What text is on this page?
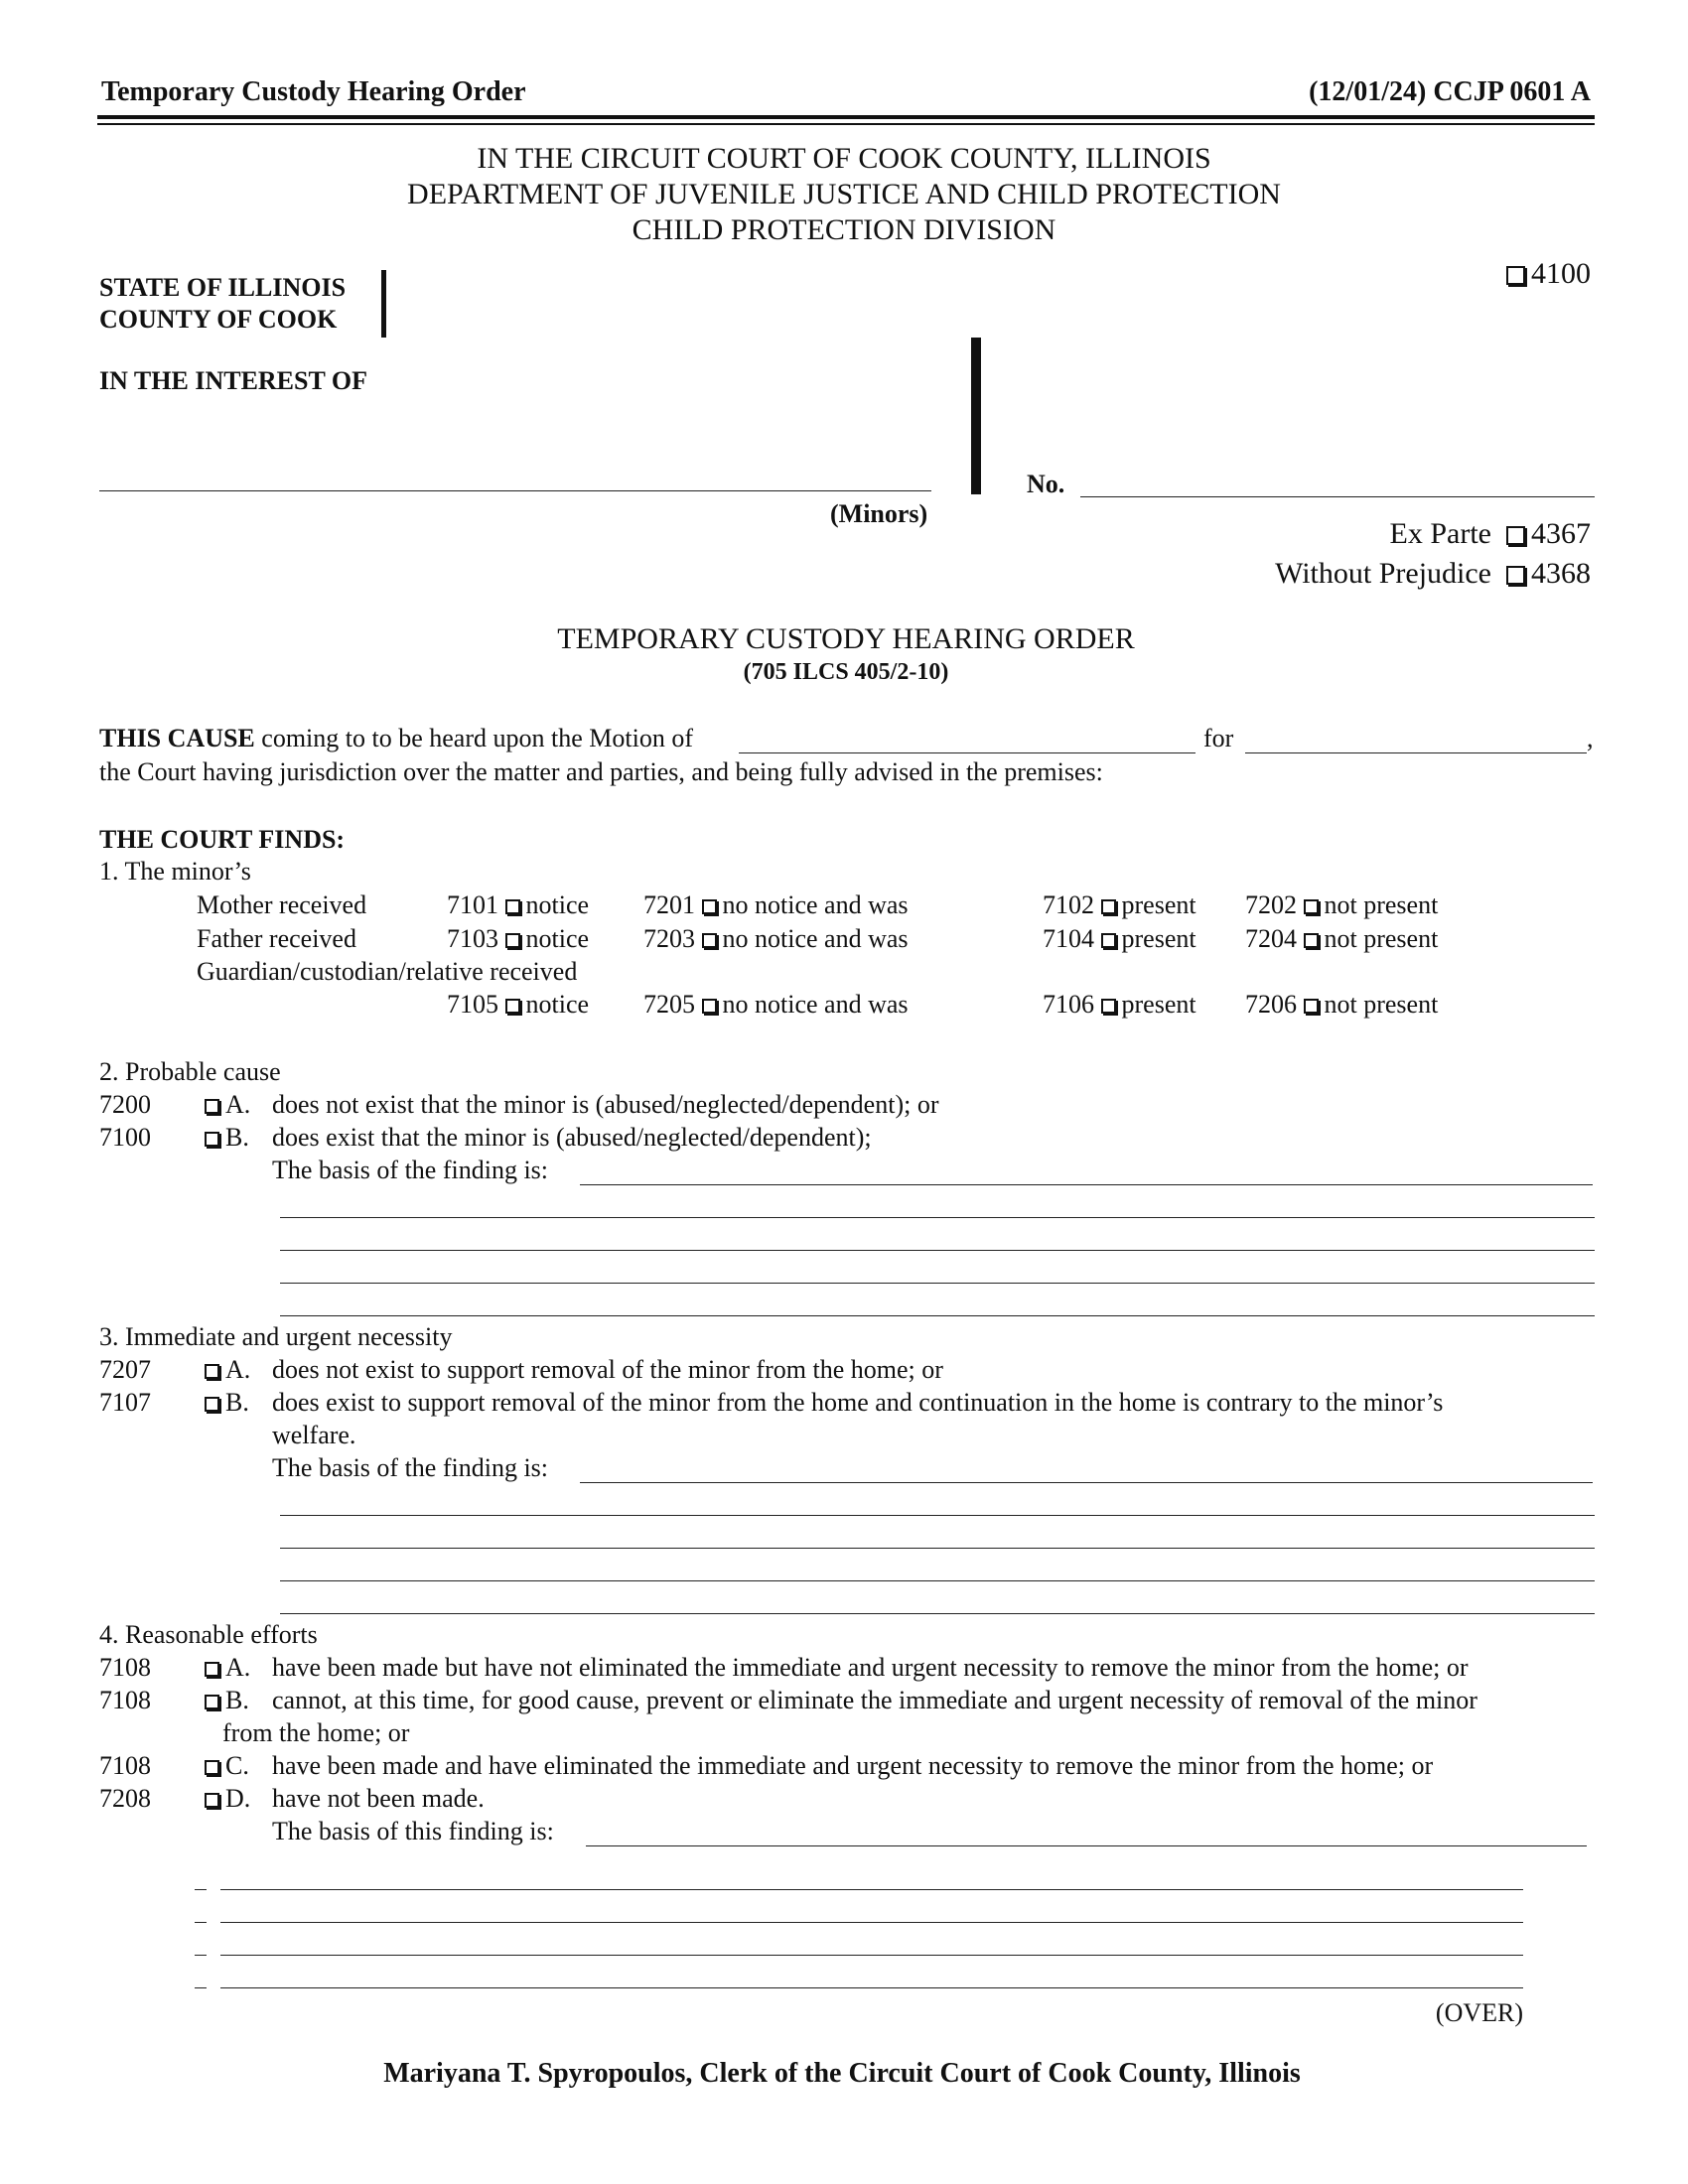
Temporary Custody Hearing Order	(12/01/24) CCJP 0601 A
IN THE CIRCUIT COURT OF COOK COUNTY, ILLINOIS
DEPARTMENT OF JUVENILE JUSTICE AND CHILD PROTECTION
CHILD PROTECTION DIVISION
4100
STATE OF ILLINOIS
COUNTY OF COOK
IN THE INTEREST OF
(Minors)
No.
Ex Parte 4367
Without Prejudice 4368
TEMPORARY CUSTODY HEARING ORDER
(705 ILCS 405/2-10)
THIS CAUSE coming to to be heard upon the Motion of	for	,
the Court having jurisdiction over the matter and parties, and being fully advised in the premises:
THE COURT FINDS:
1. The minor’s
Mother received	7101 notice 7201 no notice and was	7102 present 7202 not present
Father received	7103 notice 7203 no notice and was	7104 present 7204 not present
Guardian/custodian/relative received
7105 notice 7205 no notice and was	7106 present 7206 not present
2. Probable cause
7200	A. does not exist that the minor is (abused/neglected/dependent); or
7100	B. does exist that the minor is (abused/neglected/dependent);
The basis of the finding is:
3. Immediate and urgent necessity
7207	A. does not exist to support removal of the minor from the home; or
7107	B. does exist to support removal of the minor from the home and continuation in the home is contrary to the minor’s
welfare.
The basis of the finding is:
4. Reasonable efforts
7108	A. have been made but have not eliminated the immediate and urgent necessity to remove the minor from the home; or
7108	B. cannot, at this time, for good cause, prevent or eliminate the immediate and urgent necessity of removal of the minor
from the home; or
7108	C. have been made and have eliminated the immediate and urgent necessity to remove the minor from the home; or
7208	D. have not been made.
The basis of this finding is:
(OVER)
Mariyana T. Spyropoulos, Clerk of the Circuit Court of Cook County, Illinois
